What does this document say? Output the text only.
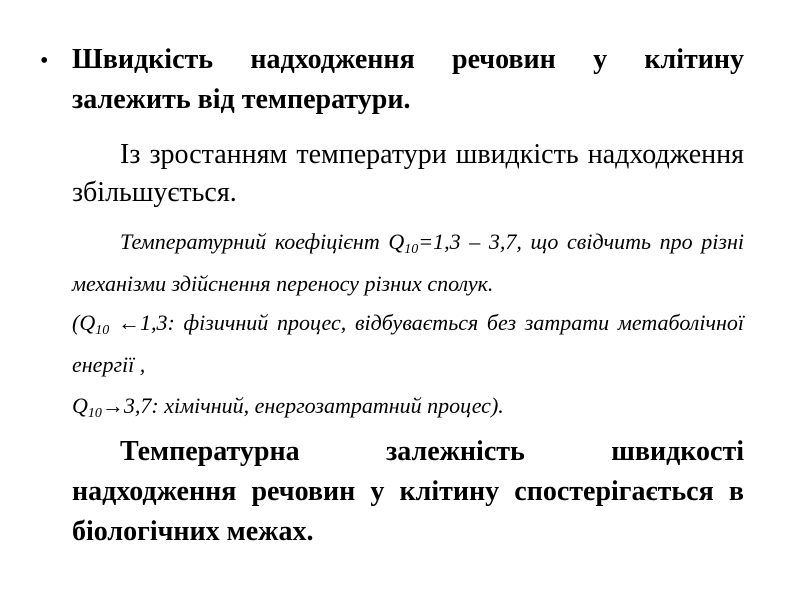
• Швидкість надходження речовин у клітину залежить від температури.

Із зростанням температури швидкість надходження збільшується.

Температурний коефіцієнт $Q_{10}=1,3 - 3,7$, що свідчить про різні механізми здійснення переносу різних сполук.

($Q_{10}$ ←1,3: фізичний процес, відбувається без затрати метаболічної енергії ,

$Q_{10}\to 3,7$: хімічний, енергозатратний процес).

Температурна залежність швидкості надходження речовин у клітину спостерігається в біологічних межах.
